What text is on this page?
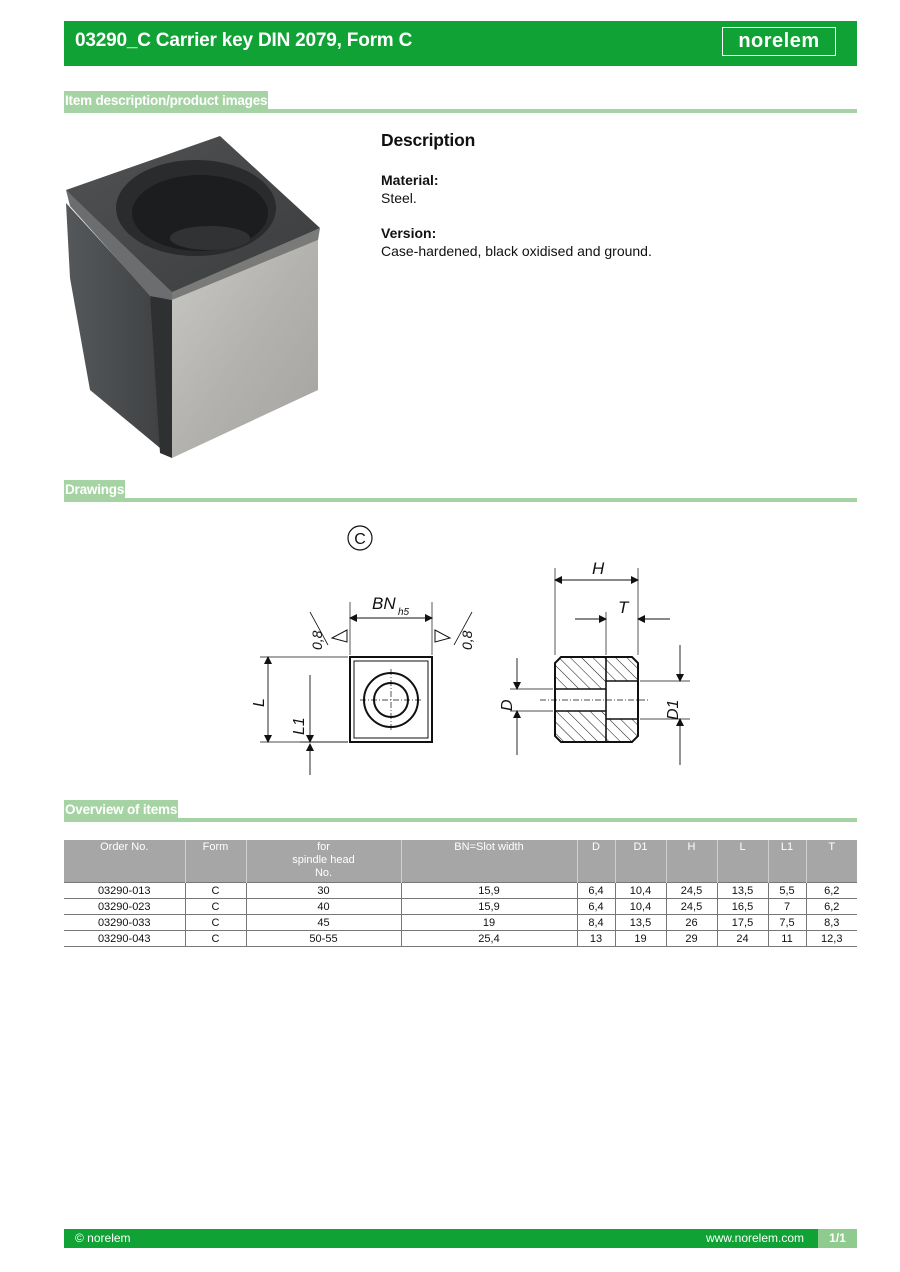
03290_C Carrier key DIN 2079, Form C	norelem
Item description/product images
Description
Material:
Steel.
Version:
Case-hardened, black oxidised and ground.
Drawings
C
BN h5
0,8	0,8
L
L1
H
T
D	D1
Overview of items
Order No.	Form	for
spindle head
No.	BN=Slot width	D	D1	H	L	L1	T
03290-013	C	30	15,9	6,4	10,4	24,5	13,5	5,5	6,2
03290-023	C	40	15,9	6,4	10,4	24,5	16,5	7	6,2
03290-033	C	45	19	8,4	13,5	26	17,5	7,5	8,3
03290-043	C	50-55	25,4	13	19	29	24	11	12,3
© norelem	www.norelem.com	1/1
